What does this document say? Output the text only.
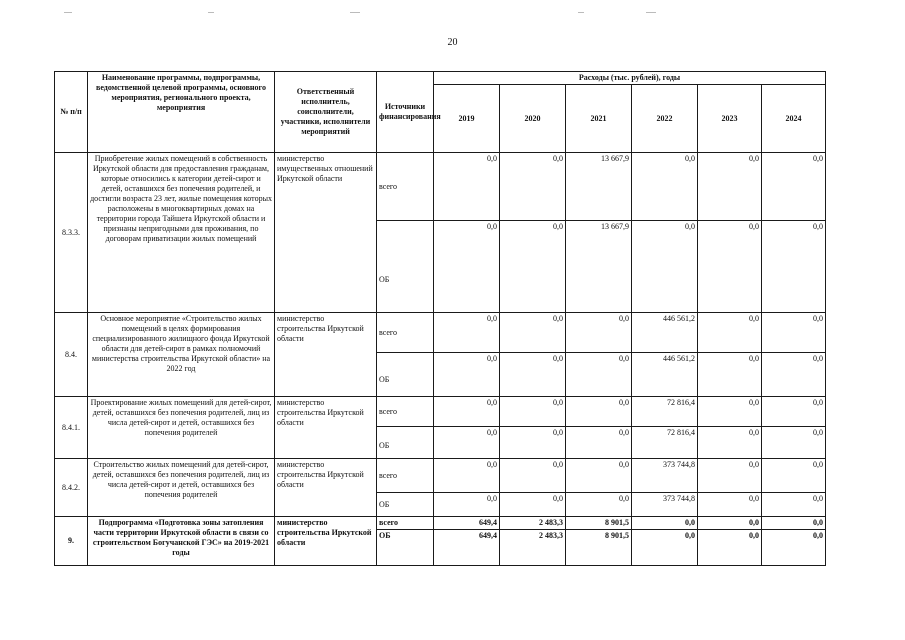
20
№ п/п	Наименование программы, подпрограммы, ведомственной целевой программы, основного мероприятия, регионального проекта, мероприятия	Ответственный исполнитель, соисполнители, участники, исполнители мероприятий	Источники финансирования	Расходы (тыс. рублей), годы					
				2019	2020	2021	2022	2023	2024
8.3.3.	Приобретение жилых помещений в собственность Иркутской области для предоставления гражданам, которые относились к категории детей-сирот и детей, оставшихся без попечения родителей, и достигли возраста 23 лет, жилые помещения которых расположены в многоквартирных домах на территории города Тайшета Иркутской области и признаны непригодными для проживания, по договорам приватизации жилых помещений	министерство имущественных отношений Иркутской области	всего	0,0	0,0	13 667,9	0,0	0,0	0,0
			ОБ	0,0	0,0	13 667,9	0,0	0,0	0,0
8.4.	Основное мероприятие «Строительство жилых помещений в целях формирования специализированного жилищного фонда Иркутской области для детей-сирот в рамках полномочий министерства строительства Иркутской области» на 2022 год	министерство строительства Иркутской области	всего	0,0	0,0	0,0	446 561,2	0,0	0,0
			ОБ	0,0	0,0	0,0	446 561,2	0,0	0,0
8.4.1.	Проектирование жилых помещений для детей-сирот, детей, оставшихся без попечения родителей, лиц из числа детей-сирот и детей, оставшихся без попечения родителей	министерство строительства Иркутской области	всего	0,0	0,0	0,0	72 816,4	0,0	0,0
			ОБ	0,0	0,0	0,0	72 816,4	0,0	0,0
8.4.2.	Строительство жилых помещений для детей-сирот, детей, оставшихся без попечения родителей, лиц из числа детей-сирот и детей, оставшихся без попечения родителей	министерство строительства Иркутской области	всего	0,0	0,0	0,0	373 744,8	0,0	0,0
			ОБ	0,0	0,0	0,0	373 744,8	0,0	0,0
9.	Подпрограмма «Подготовка зоны затопления части территории Иркутской области в связи со строительством Богучанской ГЭС» на 2019-2021 годы	министерство строительства Иркутской области	всего	649,4	2 483,3	8 901,5	0,0	0,0	0,0
			ОБ	649,4	2 483,3	8 901,5	0,0	0,0	0,0
